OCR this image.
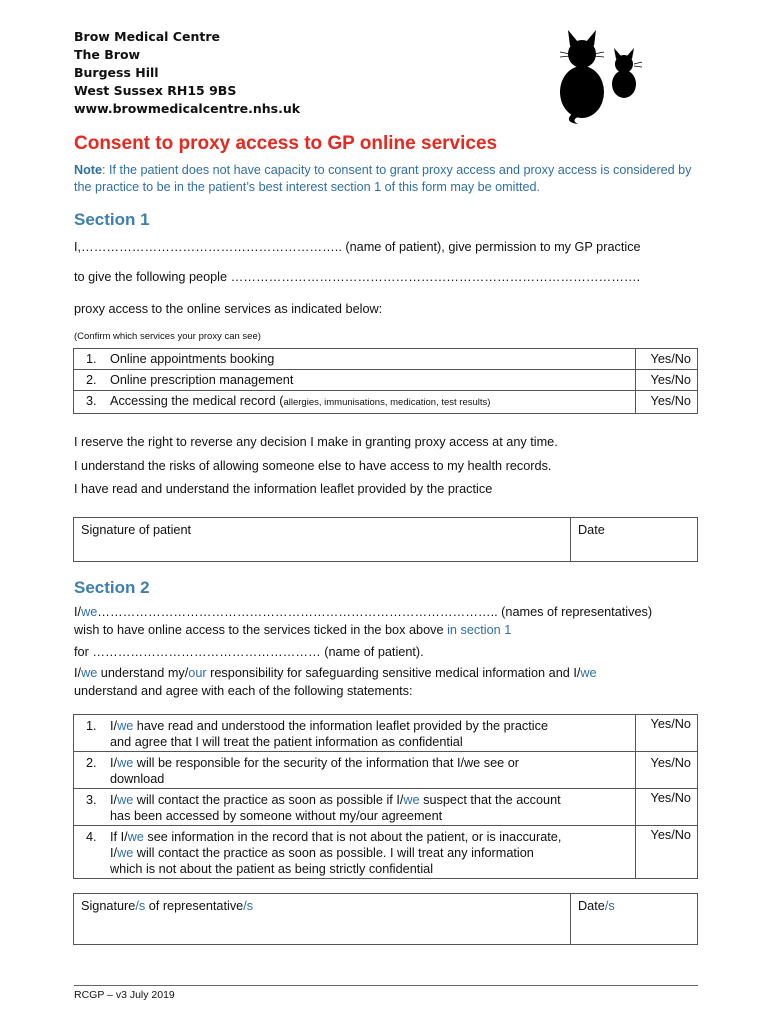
Brow Medical Centre
The Brow
Burgess Hill
West Sussex RH15 9BS
www.browmedicalcentre.nhs.uk
Consent to proxy access to GP online services
Note: If the patient does not have capacity to consent to grant proxy access and proxy access is considered by the practice to be in the patient’s best interest section 1 of this form may be omitted.
Section 1
I,…………………………………………………….. (name of patient), give permission to my GP practice
to give the following people …………………………………………………………………………………….
proxy access to the online services as indicated below:
(Confirm which services your proxy can see)
1. Online appointments booking	Yes/No
2. Online prescription management	Yes/No
3. Accessing the medical record (allergies, immunisations, medication, test results)	Yes/No
I reserve the right to reverse any decision I make in granting proxy access at any time.
I understand the risks of allowing someone else to have access to my health records.
I have read and understand the information leaflet provided by the practice
Signature of patient	Date
Section 2
I/we………………………………………………………………………………….. (names of representatives)
wish to have online access to the services ticked in the box above in section 1
for ……………………………………………… (name of patient).
I/we understand my/our responsibility for safeguarding sensitive medical information and I/we
understand and agree with each of the following statements:
1. I/we have read and understood the information leaflet provided by the practice
and agree that I will treat the patient information as confidential	Yes/No

2. I/we will be responsible for the security of the information that I/we see or
download	Yes/No

3. I/we will contact the practice as soon as possible if I/we suspect that the account
has been accessed by someone without my/our agreement	Yes/No

4. If I/we see information in the record that is not about the patient, or is inaccurate,
I/we will contact the practice as soon as possible. I will treat any information
which is not about the patient as being strictly confidential	Yes/No
Signature/s of representative/s	Date/s
RCGP – v3 July 2019
